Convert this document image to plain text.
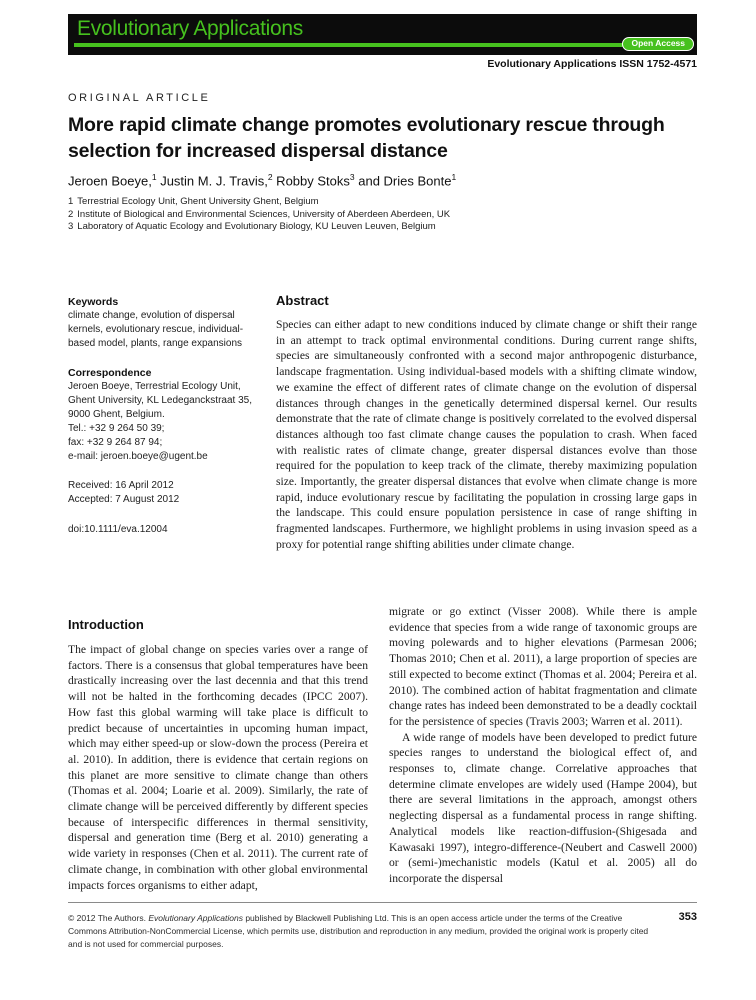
Evolutionary Applications
Open Access
Evolutionary Applications ISSN 1752-4571
ORIGINAL ARTICLE
More rapid climate change promotes evolutionary rescue through selection for increased dispersal distance
Jeroen Boeye,$^1$ Justin M. J. Travis,$^2$ Robby Stoks$^3$ and Dries Bonte$^1$
1 Terrestrial Ecology Unit, Ghent University Ghent, Belgium
2 Institute of Biological and Environmental Sciences, University of Aberdeen Aberdeen, UK
3 Laboratory of Aquatic Ecology and Evolutionary Biology, KU Leuven Leuven, Belgium
Keywords
climate change, evolution of dispersal kernels, evolutionary rescue, individual-based model, plants, range expansions
Correspondence
Jeroen Boeye, Terrestrial Ecology Unit, Ghent University, KL Ledeganckstraat 35, 9000 Ghent, Belgium.
Tel.: +32 9 264 50 39;
fax: +32 9 264 87 94;
e-mail: jeroen.boeye@ugent.be
Received: 16 April 2012
Accepted: 7 August 2012
doi:10.1111/eva.12004
Abstract

Species can either adapt to new conditions induced by climate change or shift their range in an attempt to track optimal environmental conditions. During current range shifts, species are simultaneously confronted with a second major anthropogenic disturbance, landscape fragmentation. Using individual-based models with a shifting climate window, we examine the effect of different rates of climate change on the evolution of dispersal distances through changes in the genetically determined dispersal kernel. Our results demonstrate that the rate of climate change is positively correlated to the evolved dispersal distances although too fast climate change causes the population to crash. When faced with realistic rates of climate change, greater dispersal distances evolve than those required for the population to keep track of the climate, thereby maximizing population size. Importantly, the greater dispersal distances that evolve when climate change is more rapid, induce evolutionary rescue by facilitating the population in crossing large gaps in the landscape. This could ensure population persistence in case of range shifting in fragmented landscapes. Furthermore, we highlight problems in using invasion speed as a proxy for potential range shifting abilities under climate change.

Introduction

The impact of global change on species varies over a range of factors. There is a consensus that global temperatures have been drastically increasing over the last decennia and that this trend will not be halted in the forthcoming decades (IPCC 2007). How fast this global warming will take place is difficult to predict because of uncertainties in upcoming human impact, which may either speed-up or slow-down the process (Pereira et al. 2010). In addition, there is evidence that certain regions on this planet are more sensitive to climate change than others (Thomas et al. 2004; Loarie et al. 2009). Similarly, the rate of climate change will be perceived differently by different species because of interspecific differences in thermal sensitivity, dispersal and generation time (Berg et al. 2010) generating a wide variety in responses (Chen et al. 2011). The current rate of climate change, in combination with other global environmental impacts forces organisms to either adapt,

migrate or go extinct (Visser 2008). While there is ample evidence that species from a wide range of taxonomic groups are moving polewards and to higher elevations (Parmesan 2006; Thomas 2010; Chen et al. 2011), a large proportion of species are still expected to become extinct (Thomas et al. 2004; Pereira et al. 2010). The combined action of habitat fragmentation and climate change rates has indeed been demonstrated to be a deadly cocktail for the persistence of species (Travis 2003; Warren et al. 2011).

A wide range of models have been developed to predict future species ranges to understand the biological effect of, and responses to, climate change. Correlative approaches that determine climate envelopes are widely used (Hampe 2004), but there are several limitations in the approach, amongst others neglecting dispersal as a fundamental process in range shifting. Analytical models like reaction-diffusion-(Shigesada and Kawasaki 1997), integro-difference-(Neubert and Caswell 2000) or (semi-)mechanistic models (Katul et al. 2005) all do incorporate the dispersal

© 2012 The Authors. Evolutionary Applications published by Blackwell Publishing Ltd. This is an open access article under the terms of the Creative Commons Attribution-NonCommercial License, which permits use, distribution and reproduction in any medium, provided the original work is properly cited and is not used for commercial purposes.
353
